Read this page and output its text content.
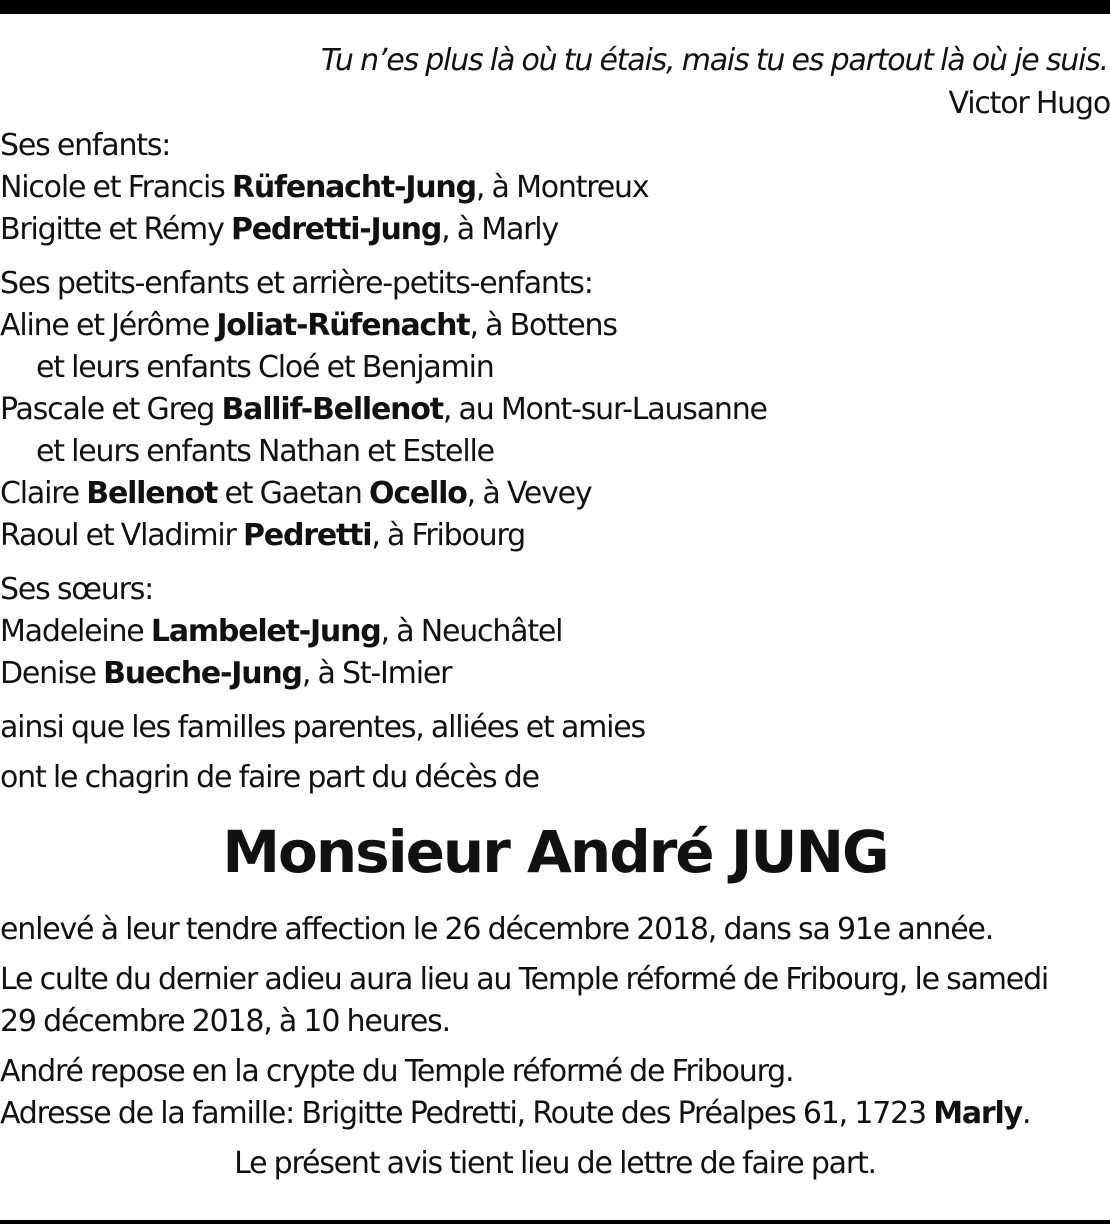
Tu n’es plus là où tu étais, mais tu es partout là où je suis.
Victor Hugo
Ses enfants:
Nicole et Francis Rüfenacht-Jung, à Montreux
Brigitte et Rémy Pedretti-Jung, à Marly
Ses petits-enfants et arrière-petits-enfants:
Aline et Jérôme Joliat-Rüfenacht, à Bottens
et leurs enfants Cloé et Benjamin
Pascale et Greg Ballif-Bellenot, au Mont-sur-Lausanne
et leurs enfants Nathan et Estelle
Claire Bellenot et Gaetan Ocello, à Vevey
Raoul et Vladimir Pedretti, à Fribourg
Ses sœurs:
Madeleine Lambelet-Jung, à Neuchâtel
Denise Bueche-Jung, à St-Imier
ainsi que les familles parentes, alliées et amies
ont le chagrin de faire part du décès de
Monsieur André JUNG
enlevé à leur tendre affection le 26 décembre 2018, dans sa 91e année.
Le culte du dernier adieu aura lieu au Temple réformé de Fribourg, le samedi
29 décembre 2018, à 10 heures.
André repose en la crypte du Temple réformé de Fribourg.
Adresse de la famille: Brigitte Pedretti, Route des Préalpes 61, 1723 Marly.
Le présent avis tient lieu de lettre de faire part.
